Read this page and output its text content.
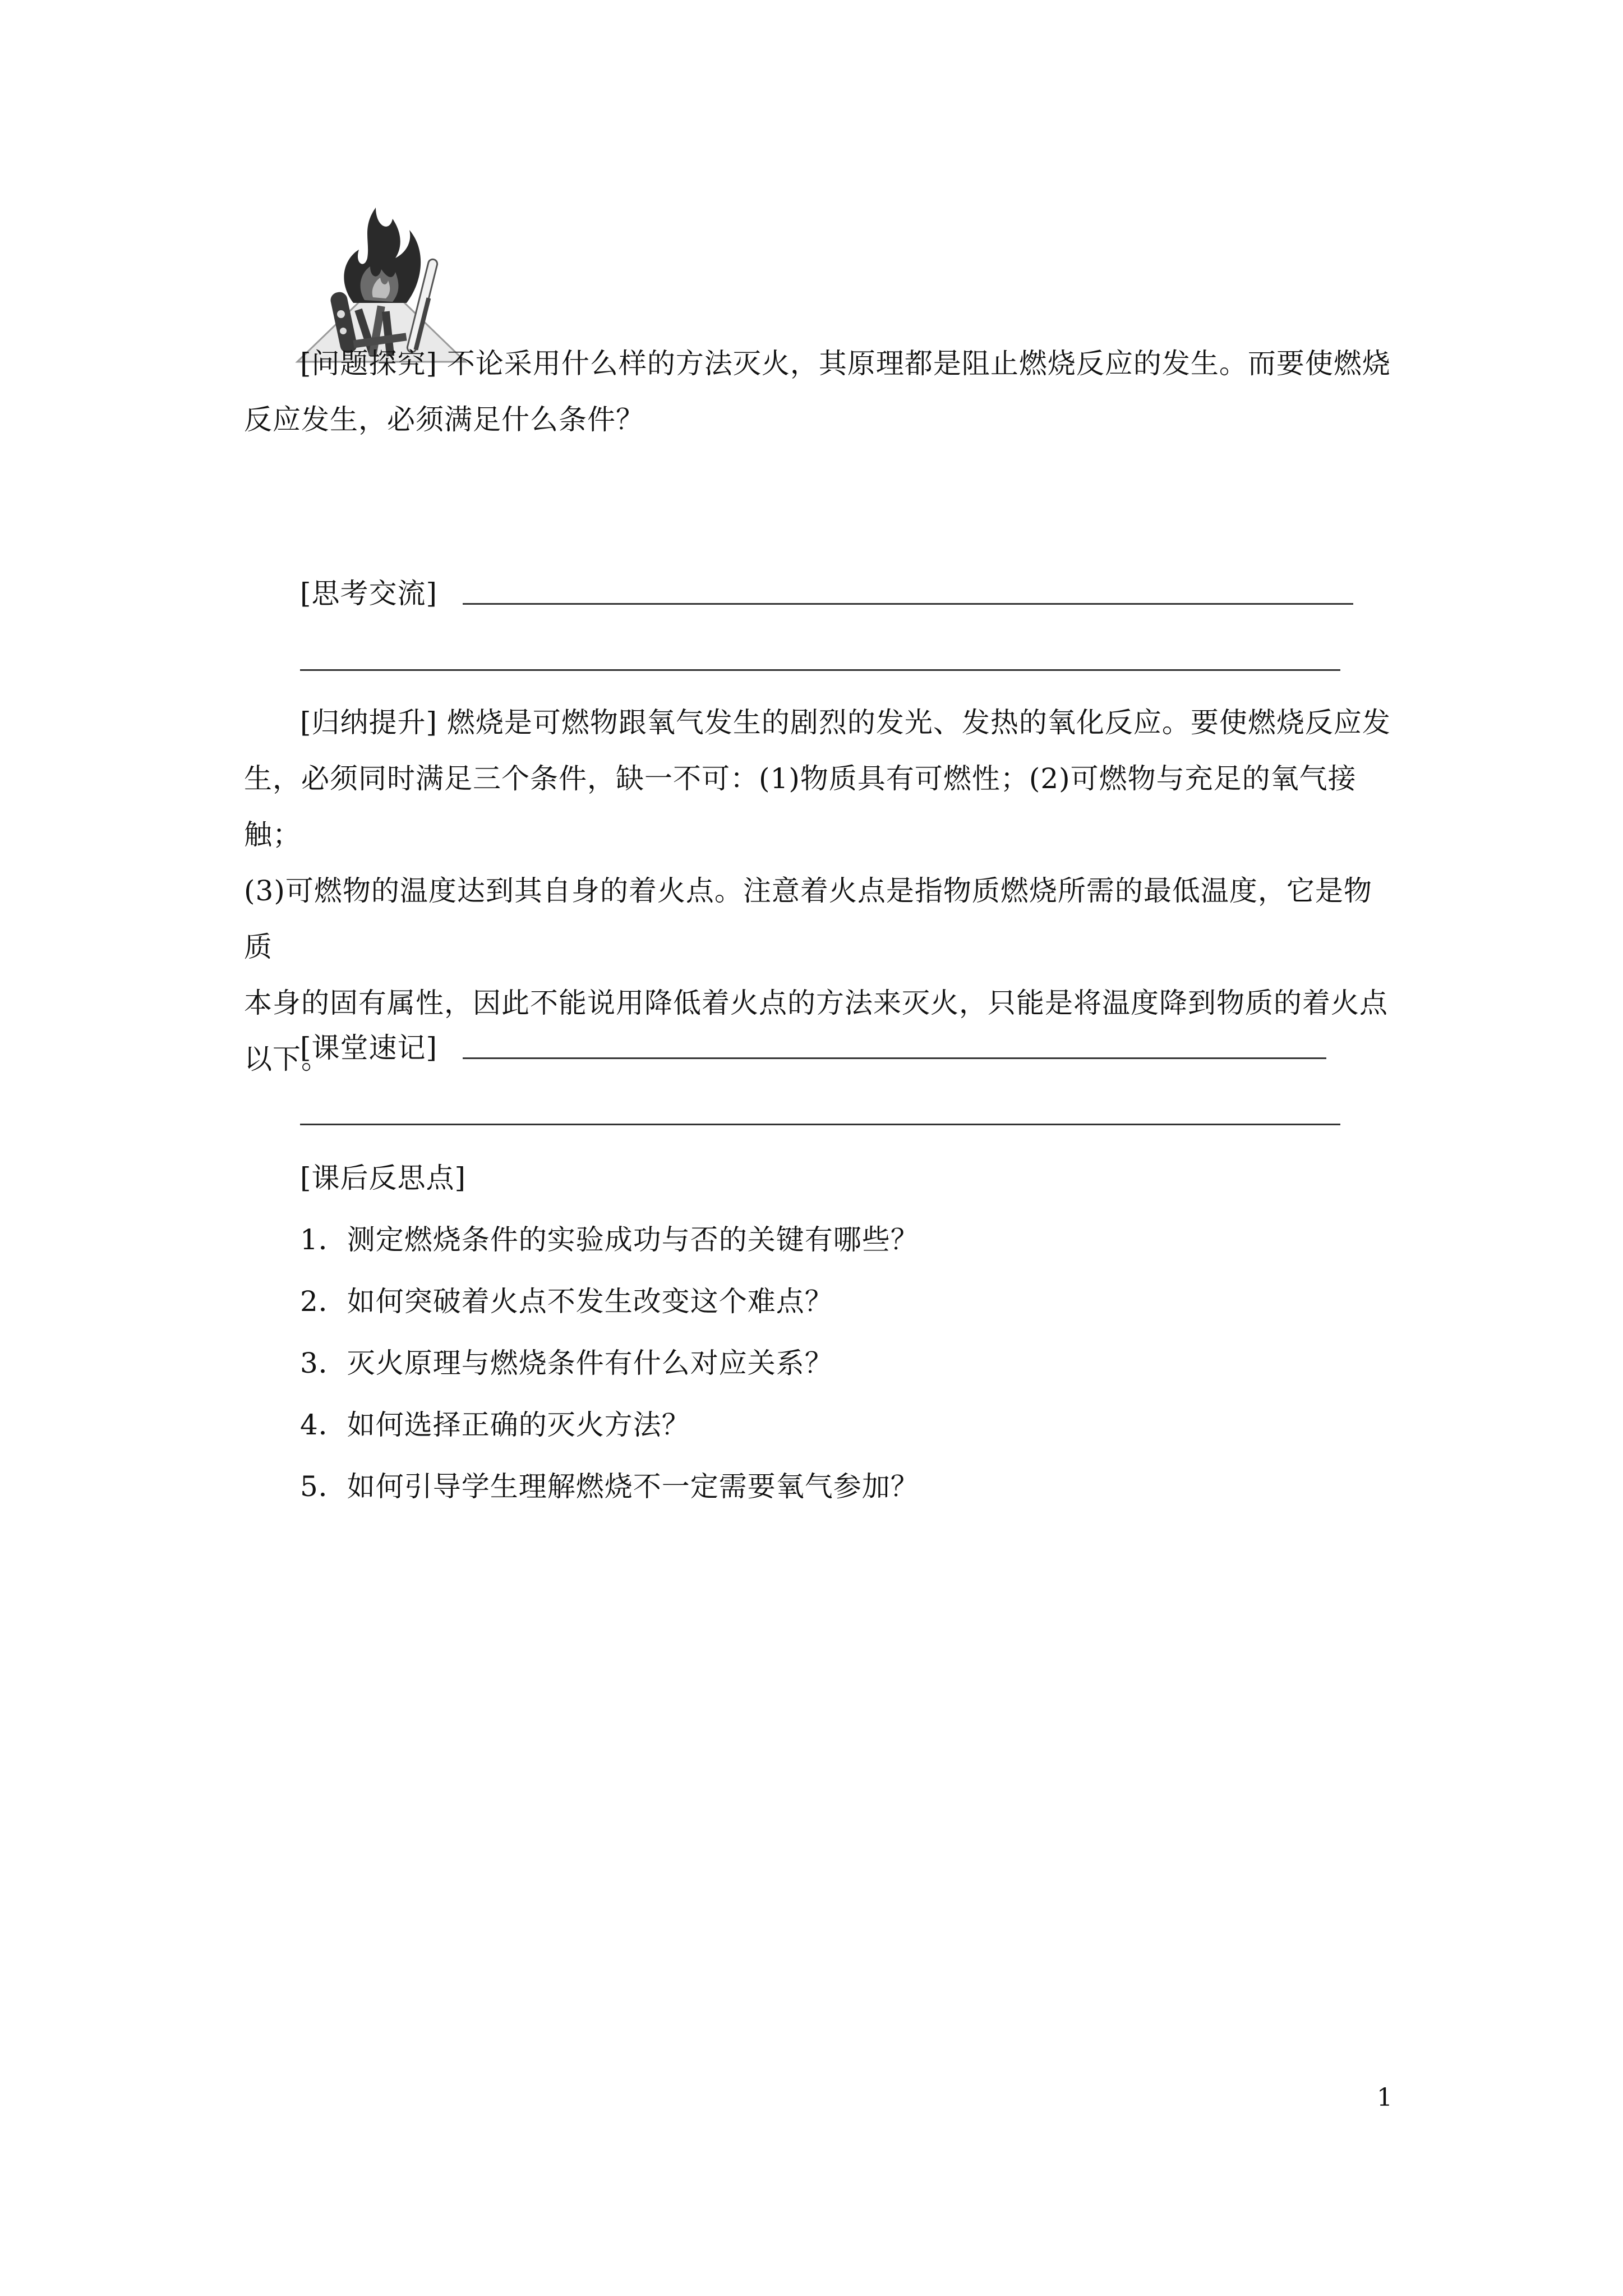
[问题探究] 不论采用什么样的方法灭火，其原理都是阻止燃烧反应的发生。而要使燃烧
反应发生，必须满足什么条件？

[思考交流]

[归纳提升] 燃烧是可燃物跟氧气发生的剧烈的发光、发热的氧化反应。要使燃烧反应发
生，必须同时满足三个条件，缺一不可：(1)物质具有可燃性；(2)可燃物与充足的氧气接触；
(3)可燃物的温度达到其自身的着火点。注意着火点是指物质燃烧所需的最低温度，它是物质
本身的固有属性，因此不能说用降低着火点的方法来灭火，只能是将温度降到物质的着火点
以下。

[课堂速记]
[课后反思点]
1．测定燃烧条件的实验成功与否的关键有哪些？
2．如何突破着火点不发生改变这个难点？
3．灭火原理与燃烧条件有什么对应关系？
4．如何选择正确的灭火方法？
5．如何引导学生理解燃烧不一定需要氧气参加？
1
